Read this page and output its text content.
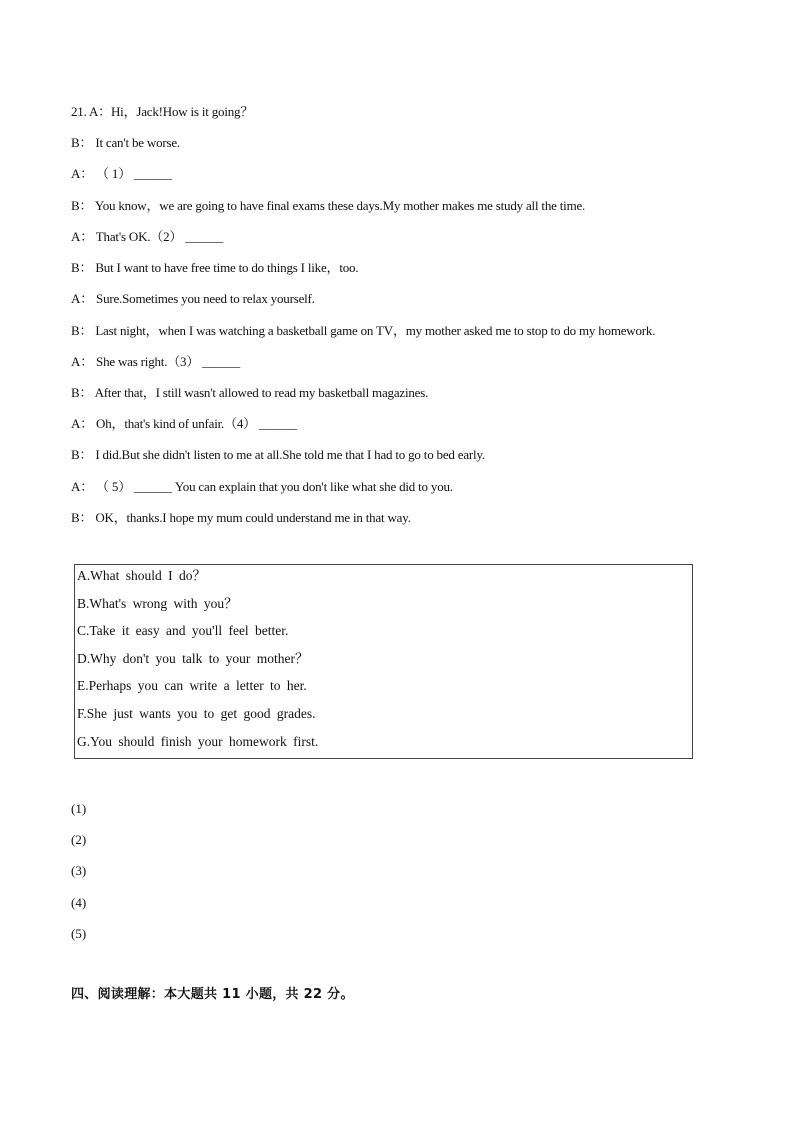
21. A：Hi，Jack!How is it going？
B： It can't be worse.
A： （ 1） ______
B： You know，we are going to have final exams these days.My mother makes me study all the time.
A： That's OK.（2） ______
B： But I want to have free time to do things I like，too.
A： Sure.Sometimes you need to relax yourself.
B： Last night，when I was watching a basketball game on TV，my mother asked me to stop to do my homework.
A： She was right.（3） ______
B： After that，I still wasn't allowed to read my basketball magazines.
A： Oh，that's kind of unfair.（4） ______
B： I did.But she didn't listen to me at all.She told me that I had to go to bed early.
A： （ 5） ______ You can explain that you don't like what she did to you.
B： OK，thanks.I hope my mum could understand me in that way.
A.What should I do？
B.What's wrong with you？
C.Take it easy and you'll feel better.
D.Why don't you talk to your mother？
E.Perhaps you can write a letter to her.
F.She just wants you to get good grades.
G.You should finish your homework first.
(1)
(2)
(3)
(4)
(5)
四、阅读理解：本大题共 11 小题，共 22 分。
